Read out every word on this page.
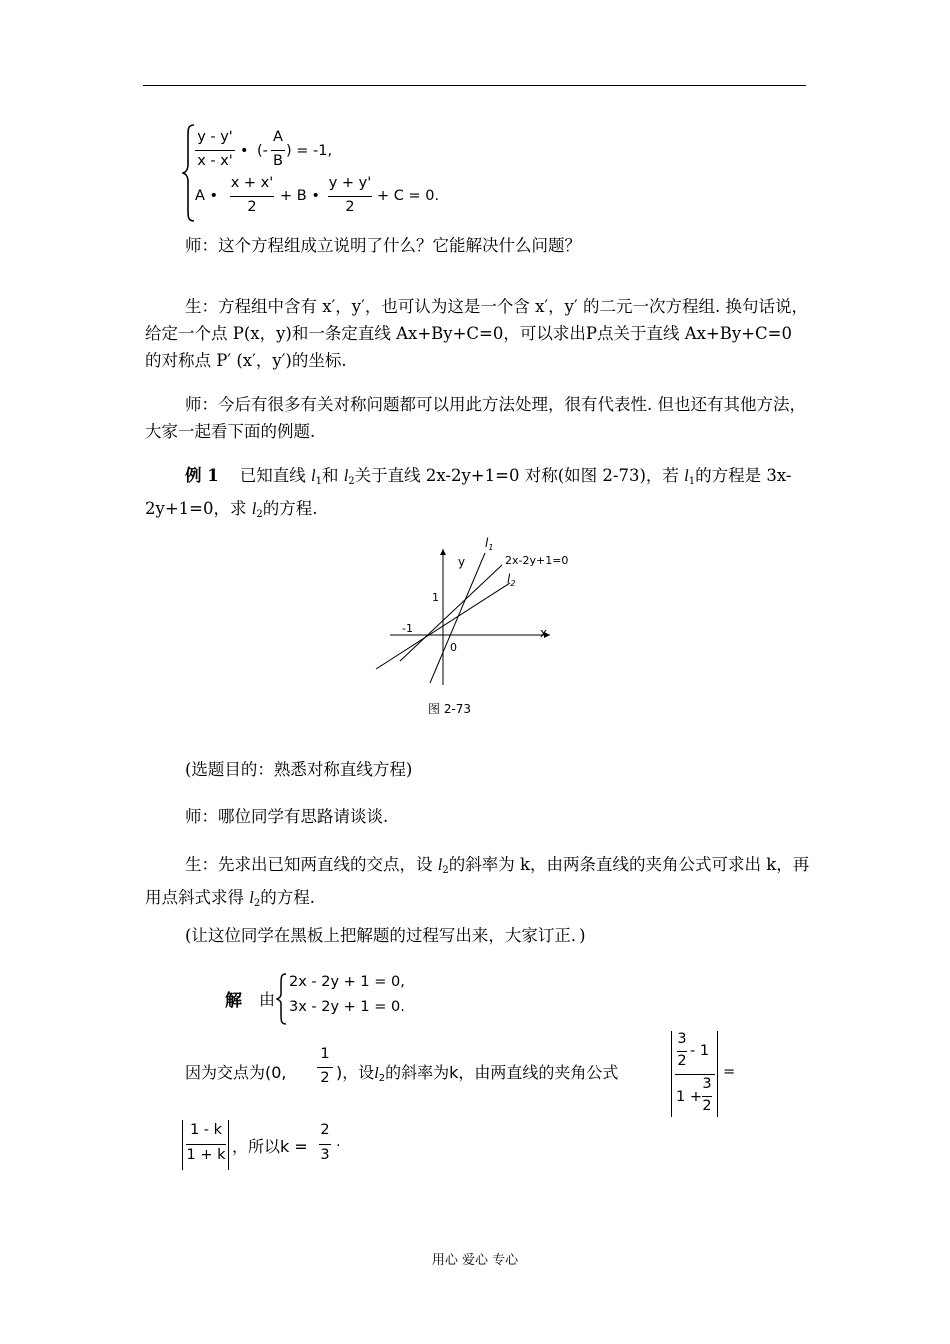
y - y'
x - x'
• (-
A
B
) = -1,
A •
x + x'
2
+ B •
y + y'
2
+ C = 0.

师：这个方程组成立说明了什么？它能解决什么问题？

生：方程组中含有 x′，y′，也可认为这是一个含 x′，y′ 的二元一次方程组. 换句话说，给定一个点 P(x，y)和一条定直线 Ax+By+C=0，可以求出P点关于直线 Ax+By+C=0 的对称点 P′ (x′，y′)的坐标.

师：今后有很多有关对称问题都可以用此方法处理，很有代表性. 但也还有其他方法，大家一起看下面的例题.

例 1 已知直线 $l_1$和 $l_2$关于直线 2x-2y+1=0 对称(如图 2-73)，若 $l_1$的方程是 3x-2y+1=0，求 $l_2$的方程.

y
x
$l_1$
2x-2y+1=0
$l_2$
1
-1
0
图 2-73

(选题目的：熟悉对称直线方程)

师：哪位同学有思路请谈谈.

生：先求出已知两直线的交点，设 $l_2$的斜率为 k，由两条直线的夹角公式可求出 k，再用点斜式求得 $l_2$的方程.

(让这位同学在黑板上把解题的过程写出来，大家订正．)

解 由
2x - 2y + 1 = 0,
3x - 2y + 1 = 0.
因为交点为(0,
1
2 )，设$l_2$的斜率为k，由两直线的夹角公式
3
2
- 1
1 +
3
2
=
1 - k
1 + k ，所以k =
2
3
.
用心 爱心 专心
